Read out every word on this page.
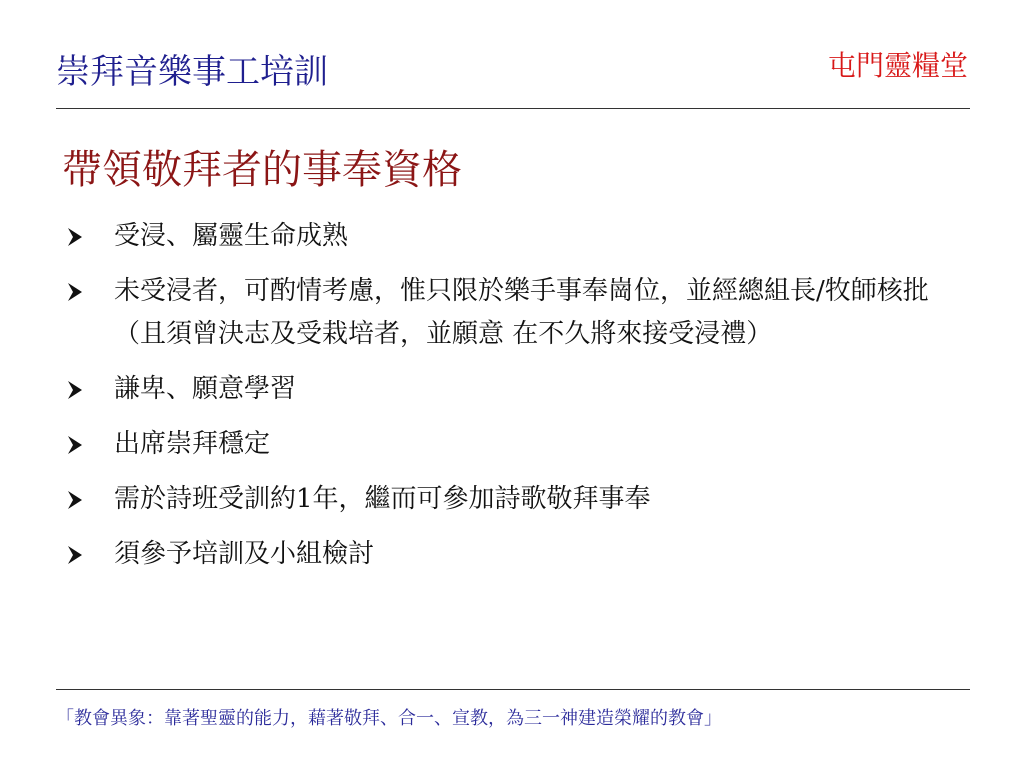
崇拜音樂事工培訓	屯門靈糧堂
帶領敬拜者的事奉資格
受浸、屬靈生命成熟
未受浸者，可酌情考慮，惟只限於樂手事奉崗位，並經總組長/牧師核批（且須曾決志及受栽培者，並願意 在不久將來接受浸禮）
謙卑、願意學習
出席崇拜穩定
需於詩班受訓約1年，繼而可參加詩歌敬拜事奉
須參予培訓及小組檢討
「教會異象：靠著聖靈的能力，藉著敬拜、合一、宣教，為三一神建造榮耀的教會」
